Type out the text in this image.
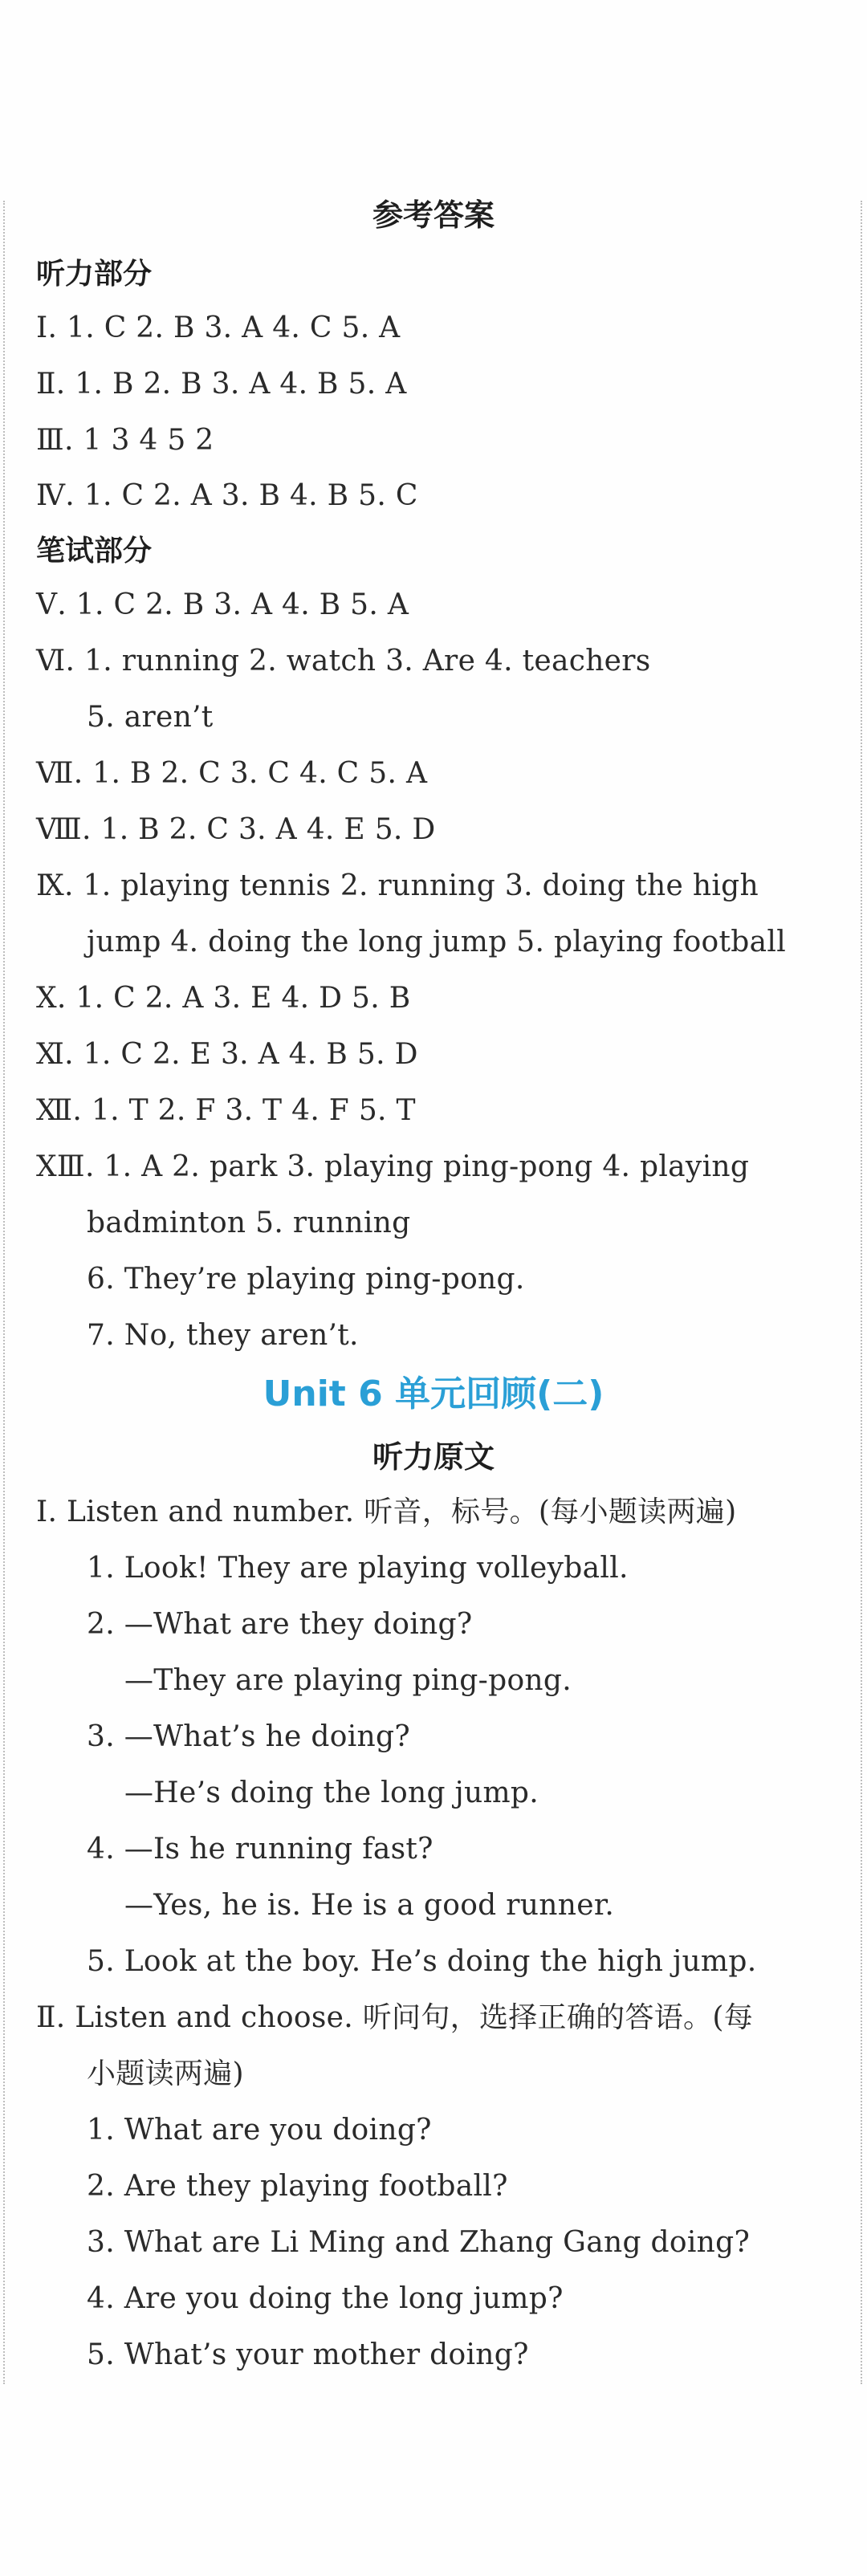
参考答案
听力部分
Ⅰ. 1. C 2. B 3. A 4. C 5. A
Ⅱ. 1. B 2. B 3. A 4. B 5. A
Ⅲ. 1 3 4 5 2
Ⅳ. 1. C 2. A 3. B 4. B 5. C
笔试部分
Ⅴ. 1. C 2. B 3. A 4. B 5. A
Ⅵ. 1. running 2. watch 3. Are 4. teachers
5. aren’t
Ⅶ. 1. B 2. C 3. C 4. C 5. A
Ⅷ. 1. B 2. C 3. A 4. E 5. D
Ⅸ. 1. playing tennis 2. running 3. doing the high
jump 4. doing the long jump 5. playing football
Ⅹ. 1. C 2. A 3. E 4. D 5. B
Ⅺ. 1. C 2. E 3. A 4. B 5. D
Ⅻ. 1. T 2. F 3. T 4. F 5. T
XⅢ. 1. A 2. park 3. playing ping-pong 4. playing
badminton 5. running
6. They’re playing ping-pong.
7. No, they aren’t.
Unit 6 单元回顾(二)
听力原文
Ⅰ. Listen and number. 听音，标号。(每小题读两遍)
1. Look! They are playing volleyball.
2. —What are they doing?
—They are playing ping-pong.
3. —What’s he doing?
—He’s doing the long jump.
4. —Is he running fast?
—Yes, he is. He is a good runner.
5. Look at the boy. He’s doing the high jump.
Ⅱ. Listen and choose. 听问句，选择正确的答语。(每
小题读两遍)
1. What are you doing?
2. Are they playing football?
3. What are Li Ming and Zhang Gang doing?
4. Are you doing the long jump?
5. What’s your mother doing?
